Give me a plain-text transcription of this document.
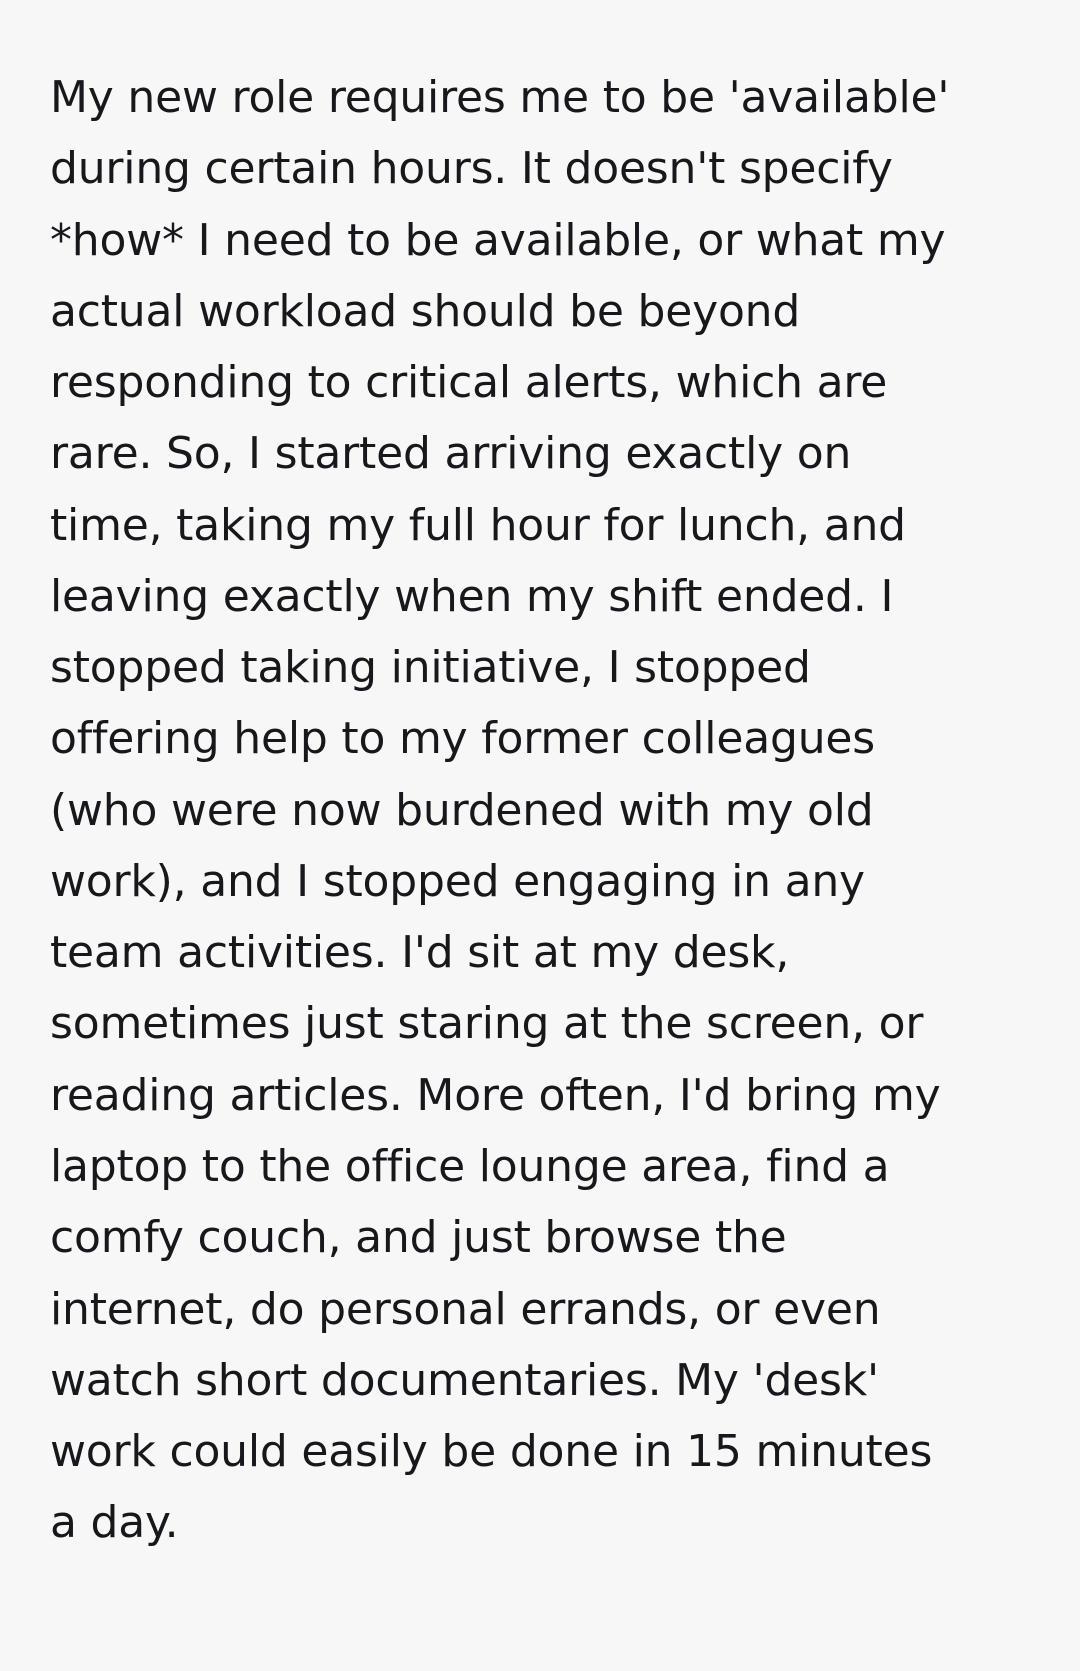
My new role requires me to be 'available' during certain hours. It doesn't specify *how* I need to be available, or what my actual workload should be beyond responding to critical alerts, which are rare. So, I started arriving exactly on time, taking my full hour for lunch, and leaving exactly when my shift ended. I stopped taking initiative, I stopped offering help to my former colleagues (who were now burdened with my old work), and I stopped engaging in any team activities. I'd sit at my desk, sometimes just staring at the screen, or reading articles. More often, I'd bring my laptop to the office lounge area, find a comfy couch, and just browse the internet, do personal errands, or even watch short documentaries. My 'desk' work could easily be done in 15 minutes a day.
